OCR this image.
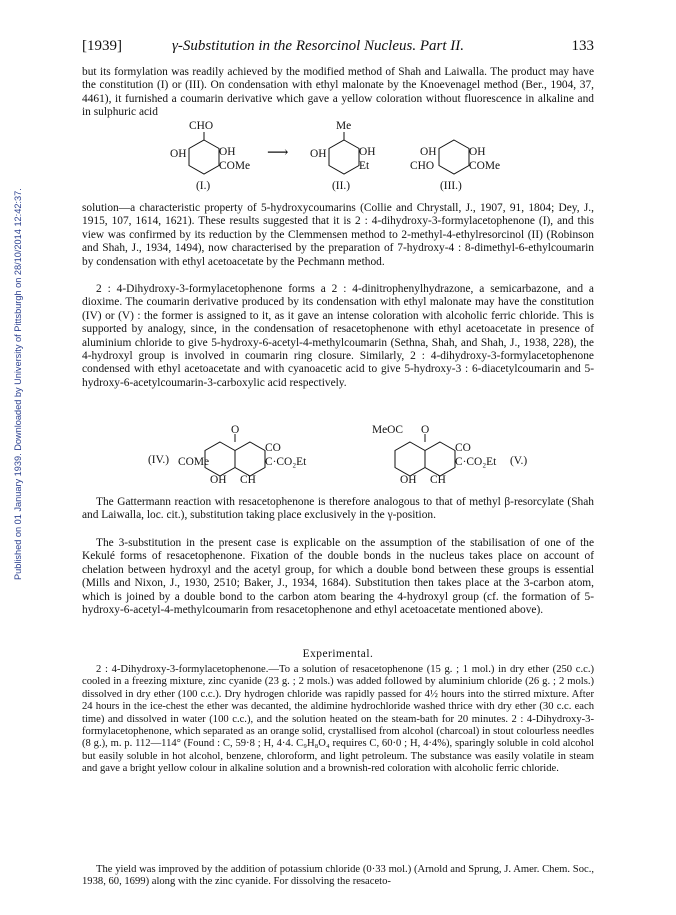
Published on 01 January 1939. Downloaded by University of Pittsburgh on 28/10/2014 12:42:37.
[1939]	γ-Substitution in the Resorcinol Nucleus. Part II.	133

but its formylation was readily achieved by the modified method of Shah and Laiwalla. The product may have the constitution (I) or (III). On condensation with ethyl malonate by the Knoevenagel method (Ber., 1904, 37, 4461), it furnished a coumarin derivative which gave a yellow coloration without fluorescence in alkaline and in sulphuric acid

CHO
OH	OH
COMe
(I.)
⟶
Me
OH	OH
Et
(II.)
OH	OH
CHO	COMe
(III.)

solution—a characteristic property of 5-hydroxycoumarins (Collie and Chrystall, J., 1907, 91, 1804; Dey, J., 1915, 107, 1614, 1621). These results suggested that it is 2 : 4-dihydroxy-3-formylacetophenone (I), and this view was confirmed by its reduction by the Clemmensen method to 2-methyl-4-ethylresorcinol (II) (Robinson and Shah, J., 1934, 1494), now characterised by the preparation of 7-hydroxy-4 : 8-dimethyl-6-ethylcoumarin by condensation with ethyl acetoacetate by the Pechmann method.

2 : 4-Dihydroxy-3-formylacetophenone forms a 2 : 4-dinitrophenylhydrazone, a semicarbazone, and a dioxime. The coumarin derivative produced by its condensation with ethyl malonate may have the constitution (IV) or (V) : the former is assigned to it, as it gave an intense coloration with alcoholic ferric chloride. This is supported by analogy, since, in the condensation of resacetophenone with ethyl acetoacetate in presence of aluminium chloride to give 5-hydroxy-6-acetyl-4-methylcoumarin (Sethna, Shah, and Shah, J., 1938, 228), the 4-hydroxyl group is involved in coumarin ring closure. Similarly, 2 : 4-dihydroxy-3-formylacetophenone condensed with ethyl acetoacetate and with cyanoacetic acid to give 5-hydroxy-3 : 6-diacetylcoumarin and 5-hydroxy-6-acetylcoumarin-3-carboxylic acid respectively.

O
(IV.) COMe
CO
C·CO₂Et
OH CH
MeOC O
CO
C·CO₂Et (V.)
OH CH

The Gattermann reaction with resacetophenone is therefore analogous to that of methyl β-resorcylate (Shah and Laiwalla, loc. cit.), substitution taking place exclusively in the γ-position.

The 3-substitution in the present case is explicable on the assumption of the stabilisation of one of the Kekulé forms of resacetophenone. Fixation of the double bonds in the nucleus takes place on account of chelation between hydroxyl and the acetyl group, for which a double bond between these groups is essential (Mills and Nixon, J., 1930, 2510; Baker, J., 1934, 1684). Substitution then takes place at the 3-carbon atom, which is joined by a double bond to the carbon atom bearing the 4-hydroxyl group (cf. the formation of 5-hydroxy-6-acetyl-4-methylcoumarin from resacetophenone and ethyl acetoacetate mentioned above).

Experimental.

2 : 4-Dihydroxy-3-formylacetophenone.—To a solution of resacetophenone (15 g. ; 1 mol.) in dry ether (250 c.c.) cooled in a freezing mixture, zinc cyanide (23 g. ; 2 mols.) was added followed by aluminium chloride (26 g. ; 2 mols.) dissolved in dry ether (100 c.c.). Dry hydrogen chloride was rapidly passed for 4½ hours into the stirred mixture. After 24 hours in the ice-chest the ether was decanted, the aldimine hydrochloride washed thrice with dry ether (30 c.c. each time) and dissolved in water (100 c.c.), and the solution heated on the steam-bath for 20 minutes. 2 : 4-Dihydroxy-3-formylacetophenone, which separated as an orange solid, crystallised from alcohol (charcoal) in stout colourless needles (8 g.), m. p. 112—114° (Found : C, 59·8 ; H, 4·4. C₉H₈O₄ requires C, 60·0 ; H, 4·4%), sparingly soluble in cold alcohol but easily soluble in hot alcohol, benzene, chloroform, and light petroleum. The substance was easily volatile in steam and gave a bright yellow colour in alkaline solution and a brownish-red coloration with alcoholic ferric chloride.

The yield was improved by the addition of potassium chloride (0·33 mol.) (Arnold and Sprung, J. Amer. Chem. Soc., 1938, 60, 1699) along with the zinc cyanide. For dissolving the resaceto-
